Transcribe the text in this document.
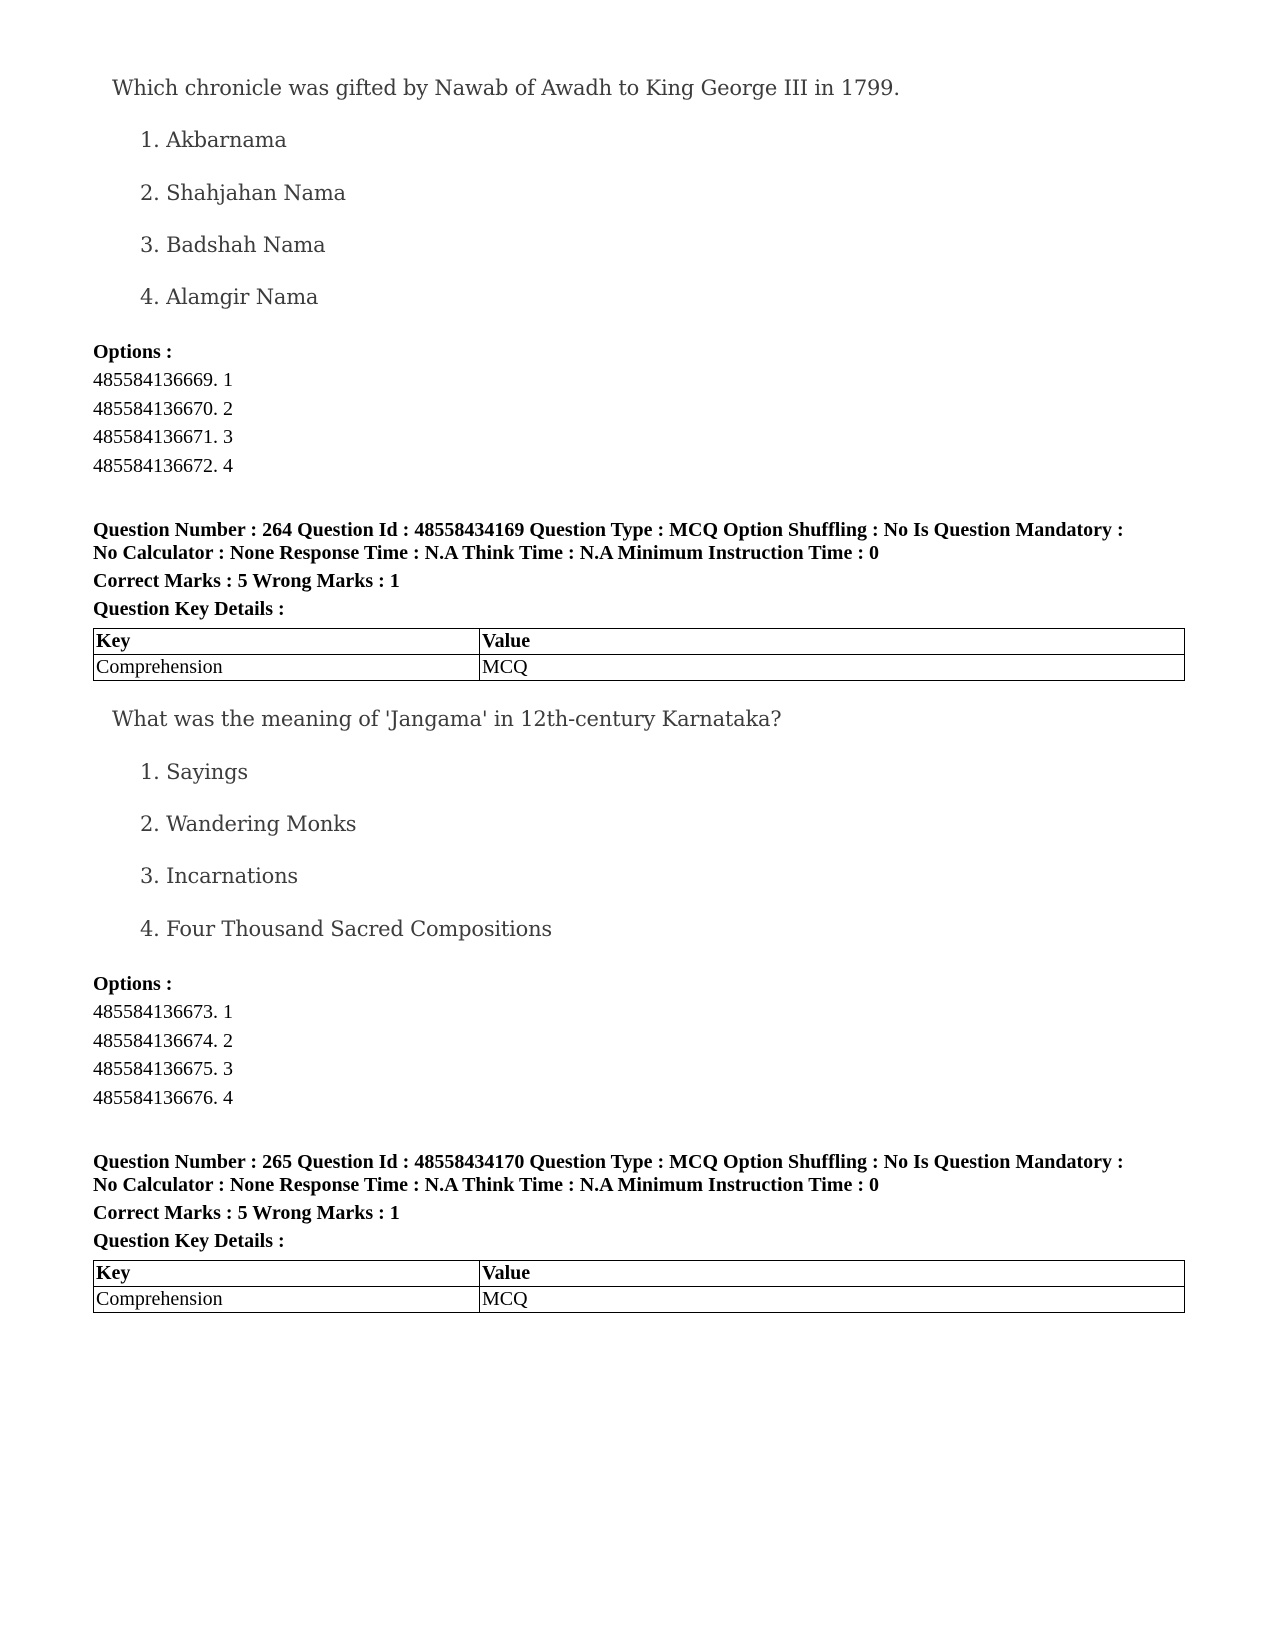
Which chronicle was gifted by Nawab of Awadh to King George III in 1799.
1. Akbarnama
2. Shahjahan Nama
3. Badshah Nama
4. Alamgir Nama
Options :
485584136669. 1
485584136670. 2
485584136671. 3
485584136672. 4
Question Number : 264 Question Id : 48558434169 Question Type : MCQ Option Shuffling : No Is Question Mandatory :
No Calculator : None Response Time : N.A Think Time : N.A Minimum Instruction Time : 0
Correct Marks : 5 Wrong Marks : 1
Question Key Details :
Key	Value
Comprehension	MCQ
What was the meaning of 'Jangama' in 12th-century Karnataka?
1. Sayings
2. Wandering Monks
3. Incarnations
4. Four Thousand Sacred Compositions
Options :
485584136673. 1
485584136674. 2
485584136675. 3
485584136676. 4
Question Number : 265 Question Id : 48558434170 Question Type : MCQ Option Shuffling : No Is Question Mandatory :
No Calculator : None Response Time : N.A Think Time : N.A Minimum Instruction Time : 0
Correct Marks : 5 Wrong Marks : 1
Question Key Details :
Key	Value
Comprehension	MCQ
